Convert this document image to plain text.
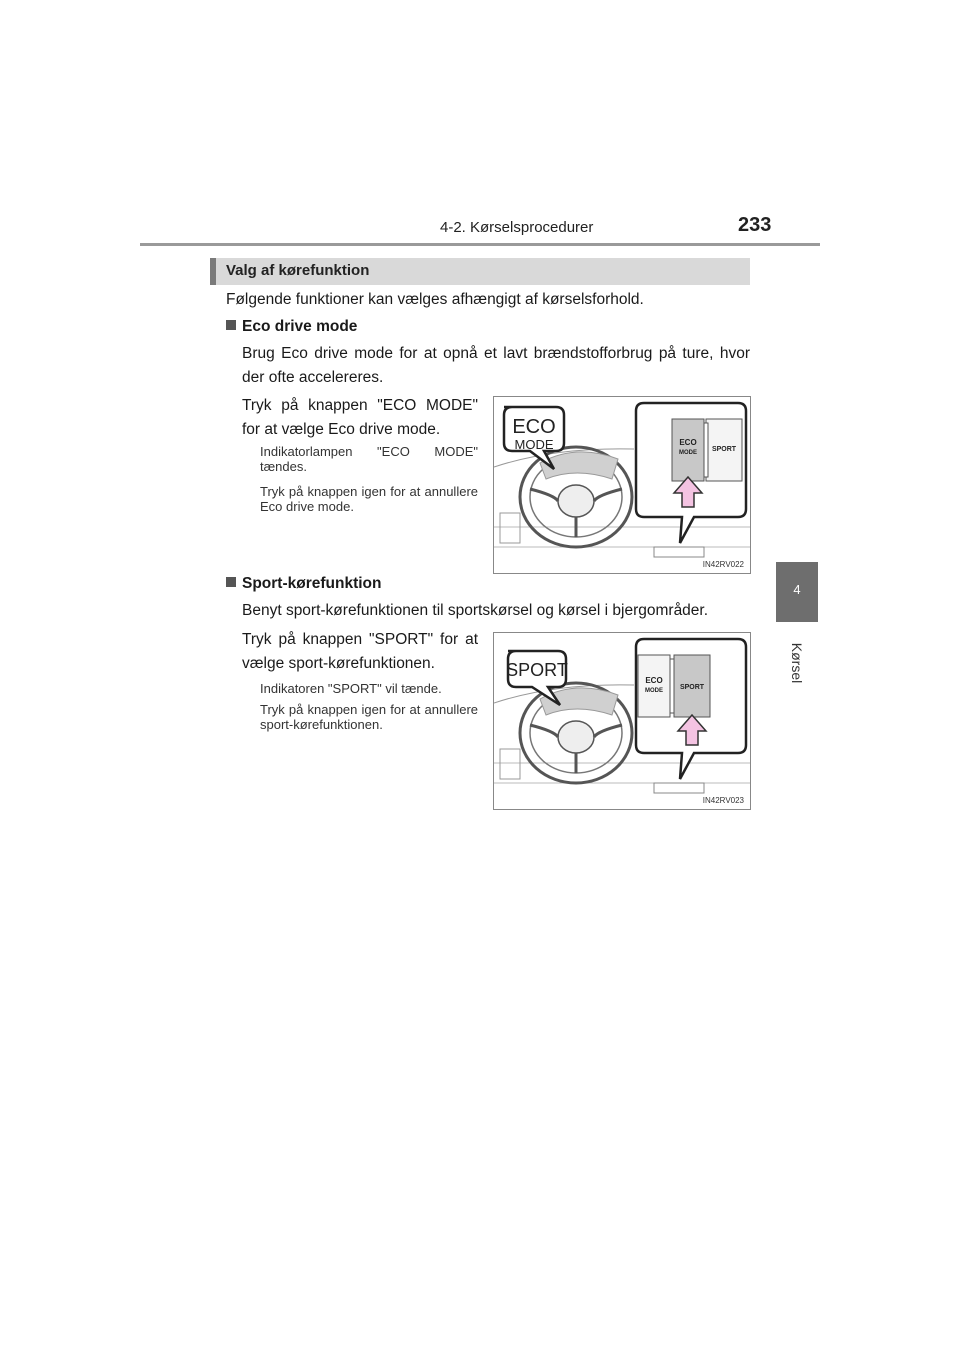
4-2. Kørselsprocedurer	233
4
Kørsel
Valg af kørefunktion
Følgende funktioner kan vælges afhængigt af kørselsforhold.
Eco drive mode
Brug Eco drive mode for at opnå et lavt brændstofforbrug på ture, hvor der ofte accelereres.
Tryk på knappen "ECO MODE" for at vælge Eco drive mode.
Indikatorlampen "ECO MODE" tændes.
Tryk på knappen igen for at annullere Eco drive mode.
ECO
MODE	ECO
MODE SPORT
IN42RV022
Sport-kørefunktion
Benyt sport-kørefunktionen til sportskørsel og kørsel i bjergområder.
Tryk på knappen "SPORT" for at vælge sport-kørefunktionen.
Indikatoren "SPORT" vil tænde.
Tryk på knappen igen for at annullere sport-kørefunktionen.
SPORT
ECO
MODE SPORT
IN42RV023
